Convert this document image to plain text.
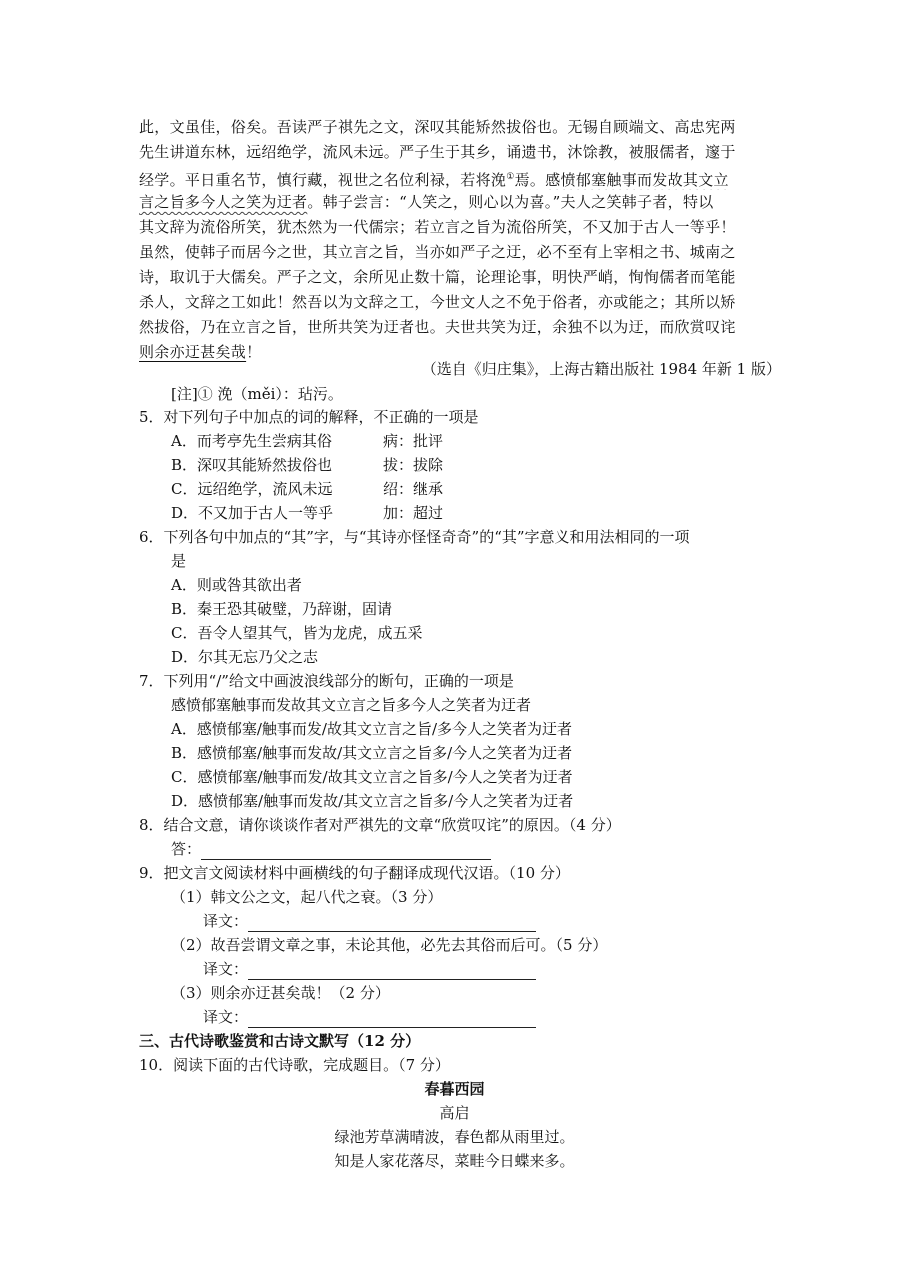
此，文虽佳，俗矣。吾读严子祺先之文，深叹其能矫然拔俗也。无锡自顾端文、高忠宪两
先生讲道东林，远绍绝学，流风未远。严子生于其乡，诵遗书，沐馀教，被服儒者，邃于
经学。平日重名节，慎行藏，视世之名位利禄，若将浼①焉。感愤郁塞触事而发故其文立
言之旨多今人之笑为迂者。韩子尝言：“人笑之，则心以为喜。”夫人之笑韩子者，特以
其文辞为流俗所笑，犹杰然为一代儒宗；若立言之旨为流俗所笑，不又加于古人一等乎！
虽然，使韩子而居今之世，其立言之旨，当亦如严子之迂，必不至有上宰相之书、城南之
诗，取讥于大儒矣。严子之文，余所见止数十篇，论理论事，明快严峭，恂恂儒者而笔能
杀人，文辞之工如此！然吾以为文辞之工，今世文人之不免于俗者，亦或能之；其所以矫
然拔俗，乃在立言之旨，世所共笑为迂者也。夫世共笑为迂，余独不以为迂，而欣赏叹诧
则余亦迂甚矣哉！
（选自《归庄集》，上海古籍出版社 1984 年新 1 版）
[注]① 浼（měi）：玷污。
5．对下列句子中加点的词的解释，不正确的一项是
A．而考亭先生尝病其俗	病：批评
B．深叹其能矫然拔俗也	拔：拔除
C．远绍绝学，流风未远	绍：继承
D．不又加于古人一等乎	加：超过
6．下列各句中加点的“其”字，与“其诗亦怪怪奇奇”的“其”字意义和用法相同的一项
是
A．则或咎其欲出者
B．秦王恐其破璧，乃辞谢，固请
C．吾令人望其气，皆为龙虎，成五采
D．尔其无忘乃父之志
7．下列用“/”给文中画波浪线部分的断句，正确的一项是
感愤郁塞触事而发故其文立言之旨多今人之笑者为迂者
A．感愤郁塞/触事而发/故其文立言之旨/多今人之笑者为迂者
B．感愤郁塞/触事而发故/其文立言之旨多/今人之笑者为迂者
C．感愤郁塞/触事而发/故其文立言之旨多/今人之笑者为迂者
D．感愤郁塞/触事而发故/其文立言之旨多/今人之笑者为迂者
8．结合文意，请你谈谈作者对严祺先的文章“欣赏叹诧”的原因。（4 分）
答：
9．把文言文阅读材料中画横线的句子翻译成现代汉语。（10 分）
（1）韩文公之文，起八代之衰。（3 分）
译文：
（2）故吾尝谓文章之事，未论其他，必先去其俗而后可。（5 分）
译文：
（3）则余亦迂甚矣哉！（2 分）
译文：
三、古代诗歌鉴赏和古诗文默写（12 分）
10．阅读下面的古代诗歌，完成题目。（7 分）
春暮西园
高启
绿池芳草满晴波，春色都从雨里过。
知是人家花落尽，菜畦今日蝶来多。
